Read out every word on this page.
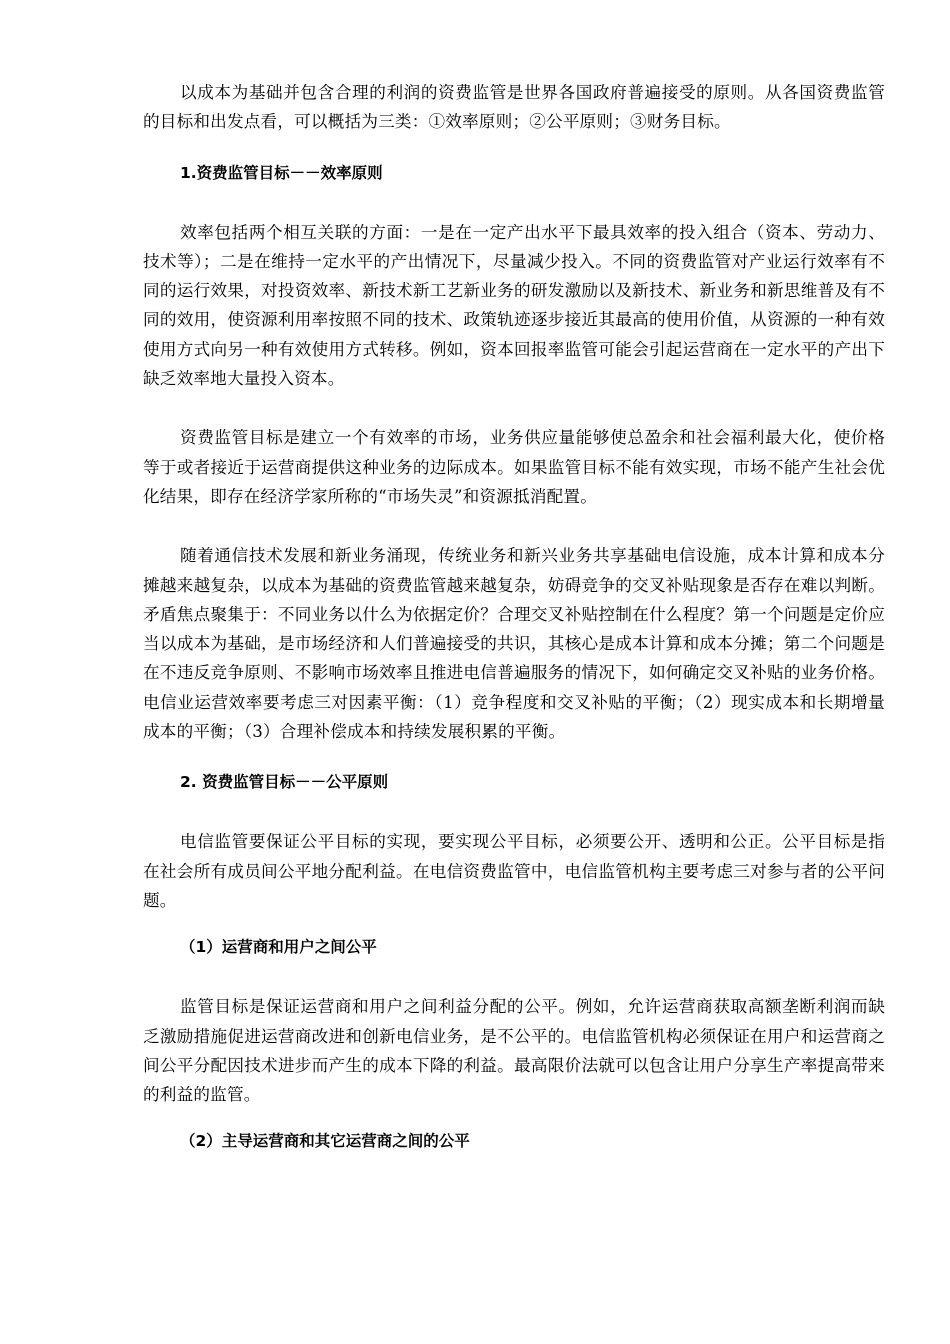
以成本为基础并包含合理的利润的资费监管是世界各国政府普遍接受的原则。从各国资费监管的目标和出发点看，可以概括为三类：①效率原则；②公平原则；③财务目标。

1.资费监管目标－－效率原则

效率包括两个相互关联的方面：一是在一定产出水平下最具效率的投入组合（资本、劳动力、技术等）；二是在维持一定水平的产出情况下，尽量减少投入。不同的资费监管对产业运行效率有不同的运行效果，对投资效率、新技术新工艺新业务的研发激励以及新技术、新业务和新思维普及有不同的效用，使资源利用率按照不同的技术、政策轨迹逐步接近其最高的使用价值，从资源的一种有效使用方式向另一种有效使用方式转移。例如，资本回报率监管可能会引起运营商在一定水平的产出下缺乏效率地大量投入资本。

资费监管目标是建立一个有效率的市场，业务供应量能够使总盈余和社会福利最大化，使价格等于或者接近于运营商提供这种业务的边际成本。如果监管目标不能有效实现，市场不能产生社会优化结果，即存在经济学家所称的“市场失灵”和资源抵消配置。

随着通信技术发展和新业务涌现，传统业务和新兴业务共享基础电信设施，成本计算和成本分摊越来越复杂，以成本为基础的资费监管越来越复杂，妨碍竞争的交叉补贴现象是否存在难以判断。矛盾焦点聚集于：不同业务以什么为依据定价？合理交叉补贴控制在什么程度？第一个问题是定价应当以成本为基础，是市场经济和人们普遍接受的共识，其核心是成本计算和成本分摊；第二个问题是在不违反竞争原则、不影响市场效率且推进电信普遍服务的情况下，如何确定交叉补贴的业务价格。电信业运营效率要考虑三对因素平衡：（1）竞争程度和交叉补贴的平衡；（2）现实成本和长期增量成本的平衡；（3）合理补偿成本和持续发展积累的平衡。

2. 资费监管目标－－公平原则

电信监管要保证公平目标的实现，要实现公平目标，必须要公开、透明和公正。公平目标是指在社会所有成员间公平地分配利益。在电信资费监管中，电信监管机构主要考虑三对参与者的公平问题。

（1）运营商和用户之间公平

监管目标是保证运营商和用户之间利益分配的公平。例如，允许运营商获取高额垄断利润而缺乏激励措施促进运营商改进和创新电信业务，是不公平的。电信监管机构必须保证在用户和运营商之间公平分配因技术进步而产生的成本下降的利益。最高限价法就可以包含让用户分享生产率提高带来的利益的监管。

（2）主导运营商和其它运营商之间的公平
